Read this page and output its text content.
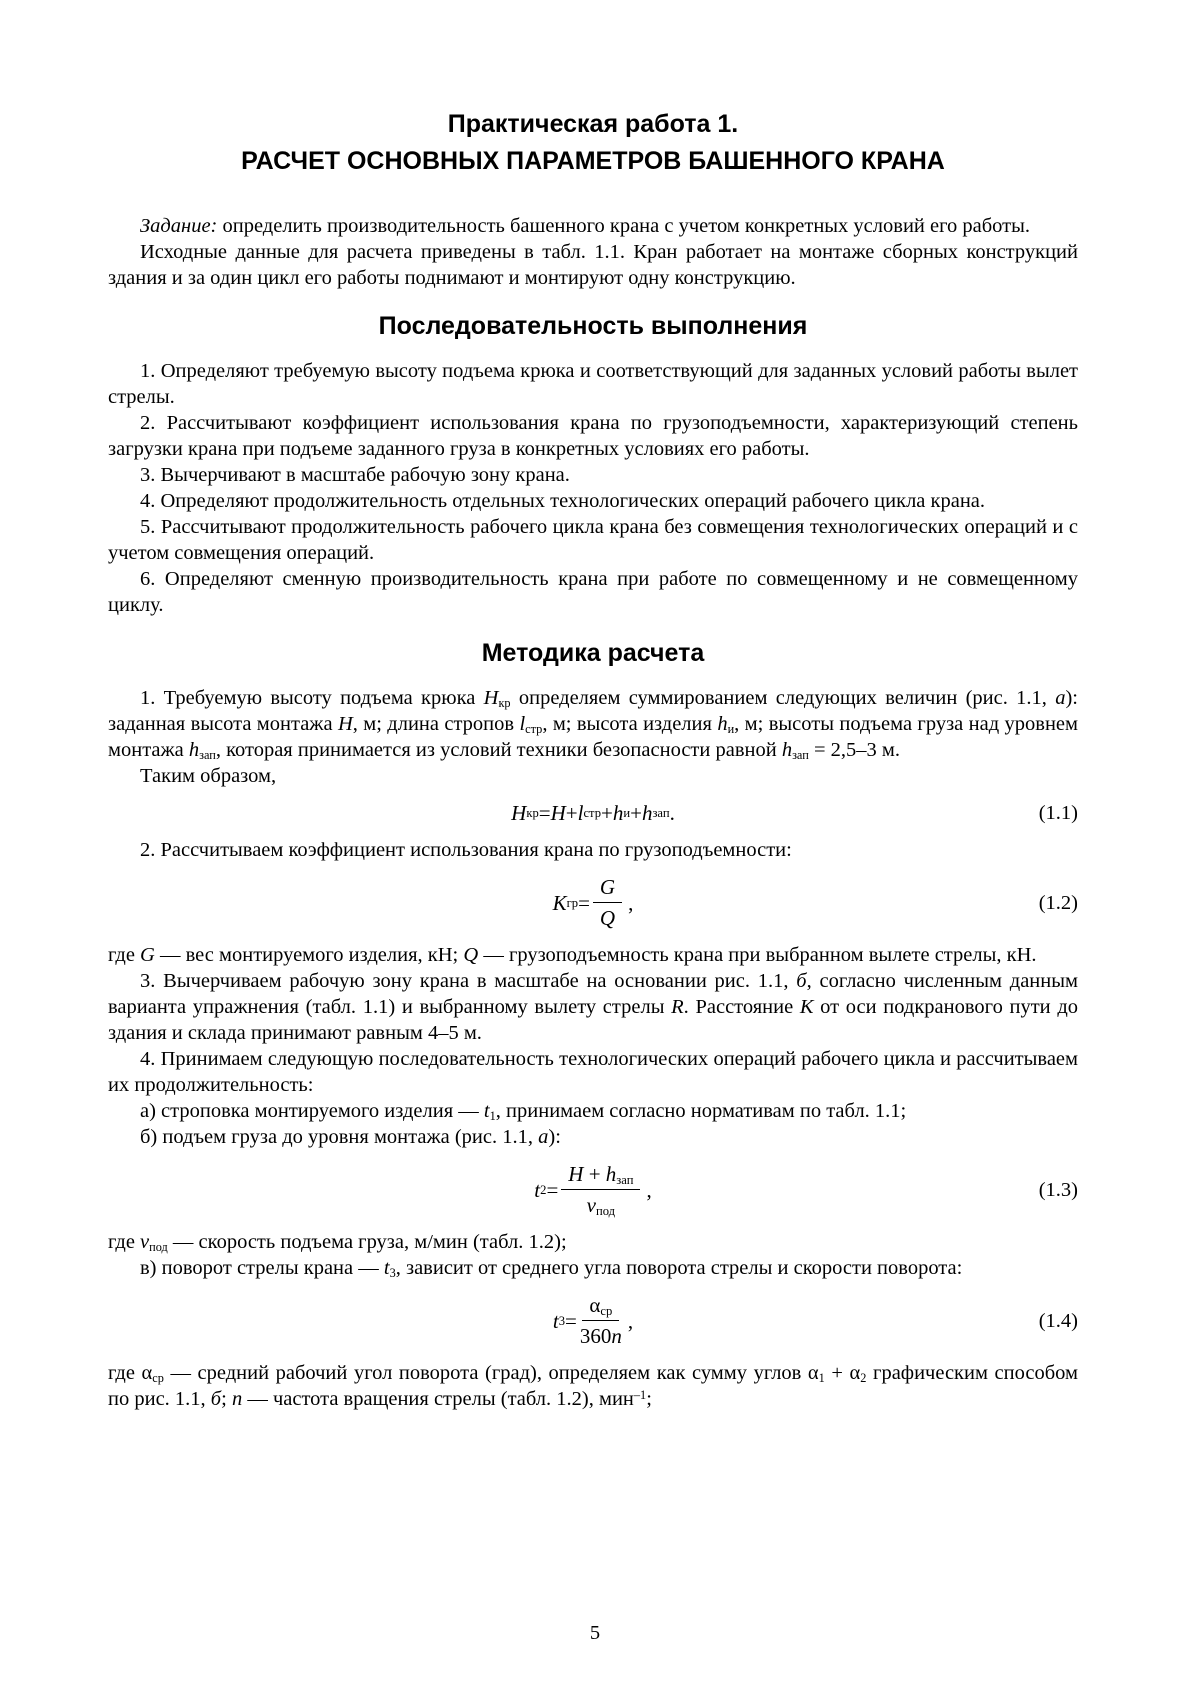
Практическая работа 1.
РАСЧЕТ ОСНОВНЫХ ПАРАМЕТРОВ БАШЕННОГО КРАНА

Задание: определить производительность башенного крана с учетом конкретных условий его работы.

Исходные данные для расчета приведены в табл. 1.1. Кран работает на монтаже сборных конструкций здания и за один цикл его работы поднимают и монтируют одну конструкцию.

Последовательность выполнения

1. Определяют требуемую высоту подъема крюка и соответствующий для заданных условий работы вылет стрелы.

2. Рассчитывают коэффициент использования крана по грузоподъемности, характеризующий степень загрузки крана при подъеме заданного груза в конкретных условиях его работы.

3. Вычерчивают в масштабе рабочую зону крана.

4. Определяют продолжительность отдельных технологических операций рабочего цикла крана.

5. Рассчитывают продолжительность рабочего цикла крана без совмещения технологических операций и с учетом совмещения операций.

6. Определяют сменную производительность крана при работе по совмещенному и не совмещенному циклу.

Методика расчета

1. Требуемую высоту подъема крюка $H_{кр}$ определяем суммированием следующих величин (рис. 1.1, а): заданная высота монтажа H, м; длина стропов $l_{стр}$, м; высота изделия $h_и$, м; высоты подъема груза над уровнем монтажа $h_{зап}$, которая принимается из условий техники безопасности равной $h_{зап} = 2,5-3$ м.

Таким образом,

H кр = H + l стр + h и + h зап .	(1.1)

2. Рассчитываем коэффициент использования крана по грузоподъемности:

К гр = $\frac{G}{Q}$ ,	(1.2)

где G — вес монтируемого изделия, кН; Q — грузоподъемность крана при выбранном вылете стрелы, кН.

3. Вычерчиваем рабочую зону крана в масштабе на основании рис. 1.1, б, согласно численным данным варианта упражнения (табл. 1.1) и выбранному вылету стрелы R. Расстояние К от оси подкранового пути до здания и склада принимают равным 4–5 м.

4. Принимаем следующую последовательность технологических операций рабочего цикла и рассчитываем их продолжительность:

а) строповка монтируемого изделия — $t_1$, принимаем согласно нормативам по табл. 1.1;

б) подъем груза до уровня монтажа (рис. 1.1, а):

t $2 = \frac{H + h_{зап}}{v_{под}}$ ,	(1.3)

где $v_{под}$ — скорость подъема груза, м/мин (табл. 1.2);

в) поворот стрелы крана — $t_3$, зависит от среднего угла поворота стрелы и скорости поворота:

t $3 = \frac{\alpha_{ср}}{360n}$ ,	(1.4)

где $\alpha_{ср}$ — средний рабочий угол поворота (град), определяем как сумму углов $\alpha_1 + \alpha_2$ графическим способом по рис. 1.1, б; n — частота вращения стрелы (табл. 1.2), мин$^{-1}$;

5
